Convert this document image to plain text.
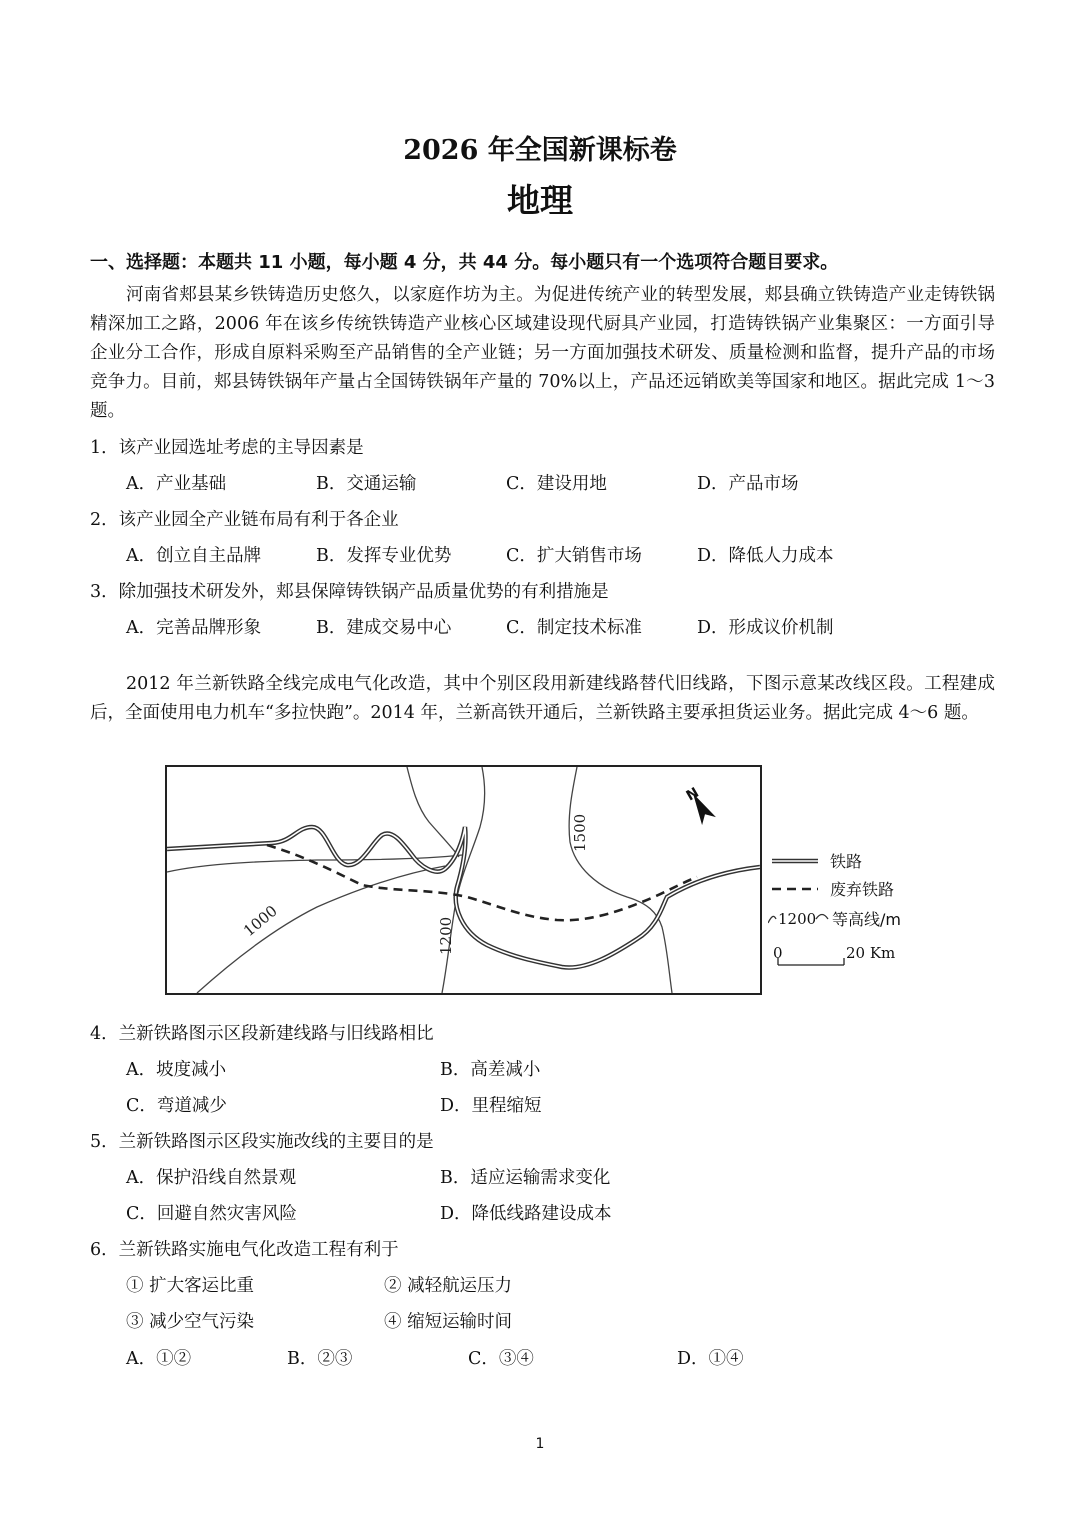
2026 年全国新课标卷
地理
一、选择题：本题共 11 小题，每小题 4 分，共 44 分。每小题只有一个选项符合题目要求。
河南省郏县某乡铁铸造历史悠久，以家庭作坊为主。为促进传统产业的转型发展，郏县确立铁铸造产业走铸铁锅精深加工之路，2006 年在该乡传统铁铸造产业核心区域建设现代厨具产业园，打造铸铁锅产业集聚区：一方面引导企业分工合作，形成自原料采购至产品销售的全产业链；另一方面加强技术研发、质量检测和监督，提升产品的市场竞争力。目前，郏县铸铁锅年产量占全国铸铁锅年产量的 70%以上，产品还远销欧美等国家和地区。据此完成 1～3 题。
1．该产业园选址考虑的主导因素是
A．产业基础	B．交通运输	C．建设用地	D．产品市场
2．该产业园全产业链布局有利于各企业
A．创立自主品牌	B．发挥专业优势	C．扩大销售市场	D．降低人力成本
3．除加强技术研发外，郏县保障铸铁锅产品质量优势的有利措施是
A．完善品牌形象	B．建成交易中心	C．制定技术标准	D．形成议价机制
2012 年兰新铁路全线完成电气化改造，其中个别区段用新建线路替代旧线路，下图示意某改线区段。工程建成后，全面使用电力机车“多拉快跑”。2014 年，兰新高铁开通后，兰新铁路主要承担货运业务。据此完成 4～6 题。
1000	1200
1500
N
铁路
废弃铁路
1200 等高线/m
0	20 Km
4．兰新铁路图示区段新建线路与旧线路相比
A．坡度减小	B．高差减小
C．弯道减少	D．里程缩短
5．兰新铁路图示区段实施改线的主要目的是
A．保护沿线自然景观	B．适应运输需求变化
C．回避自然灾害风险	D．降低线路建设成本
6．兰新铁路实施电气化改造工程有利于
① 扩大客运比重	② 减轻航运压力
③ 减少空气污染	④ 缩短运输时间
A．①②	B．②③	C．③④	D．①④
1
